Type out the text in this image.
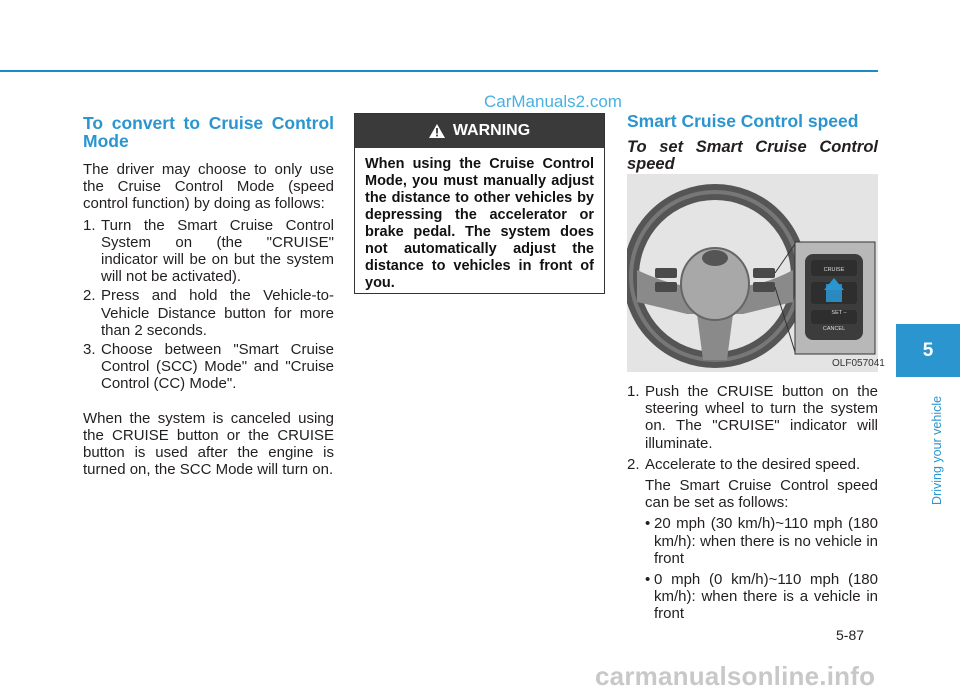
CarManuals2.com

To convert to Cruise Control Mode

The driver may choose to only use the Cruise Control Mode (speed control function) by doing as follows:

1. Turn the Smart Cruise Control System on (the "CRUISE" indicator will be on but the system will not be activated).
2. Press and hold the Vehicle-to-Vehicle Distance button for more than 2 seconds.
3. Choose between "Smart Cruise Control (SCC) Mode" and "Cruise Control (CC) Mode".

When the system is canceled using the CRUISE button or the CRUISE button is used after the engine is turned on, the SCC Mode will turn on.

WARNING
When using the Cruise Control Mode, you must manually adjust the distance to other vehicles by depressing the accelerator or brake pedal. The system does not automatically adjust the distance to vehicles in front of you.

Smart Cruise Control speed

To set Smart Cruise Control speed

CRUISE
SET –
CANCEL
OLF057041
1. Push the CRUISE button on the steering wheel to turn the system on. The "CRUISE" indicator will illuminate.
2. Accelerate to the desired speed.

The Smart Cruise Control speed can be set as follows:

• 20 mph (30 km/h)~110 mph (180 km/h): when there is no vehicle in front
• 0 mph (0 km/h)~110 mph (180 km/h): when there is a vehicle in front
5
Driving your vehicle
5-87
carmanualsonline.info
